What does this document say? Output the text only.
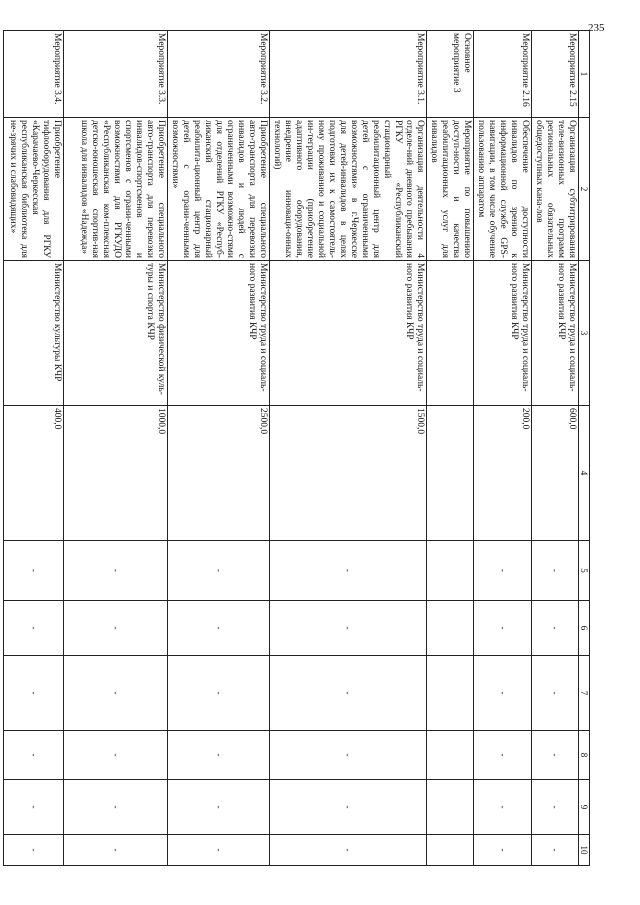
235
1	2	3	4	5	6	7	8	9	10
Мероприятие 2.15	Организация субтитрирования теле-визионных программ региональных обязательных общедоступных кана-лов	Министерство труда и социаль-ного развития КЧР	600,0	-	-	-	-	-	-
Мероприятие 2.16	Обеспечение доступности инвалидов по зрению к информационной службе GPS-навигации, в том числе обучение пользованию аппаратом	Министерство труда и социаль-ного развития КЧР	200,0	-	-	-	-	-	-
Основное мероприятие 3	Мероприятие по повышению доступ-ности и качества реабилитационных услуг для инвалидов								
Мероприятие 3.1.	Организация деятельности 4 отделе-ний дневного пребывания РГКУ «Республиканский стационарный реабилитационный центр для детей с ограниченными возможностями» в г.Черкесске для детей-инвалидов в целях подготовки их к самостоятель-ному проживанию и социальной ин-теграции (приобретение адаптивного оборудования, внедрение инноваци-онных технологий)	Министерство труда и социаль-ного развития КЧР	1500,0	-	-	-	-	-	-
Мероприятие 3.2.	Приобретение специального авто-транспорта для перевозки инвалидов и людей с ограниченными возможно-стями для отделений РГКУ «Респуб-ликанский стационарный реабилита-ционный центр для детей с ограни-ченными возможностями»	Министерство труда и социаль-ного развития КЧР	2500,0	-	-	-	-	-	-
Мероприятие 3.3.	Приобретение специального авто-транспорта для перевозки инвалидов-спортсменов и спортсменов с ограни-ченными возможностями для РГКУДО «Республиканская ком-плексная детско-юношеская спортив-ная школа для инвалидов «Надежда»	Министерство физической куль-туры и спорта КЧР	1000,0	-	-	-	-	-	-
Мероприятие 3.4.	Приобретение тифлооборудования для РГКУ «Карачаево-Черкесская республиканская библиотека для не-зрячих и слабовидящих»	Министерство культуры КЧР	400,0	-	-	-	-	-	-
